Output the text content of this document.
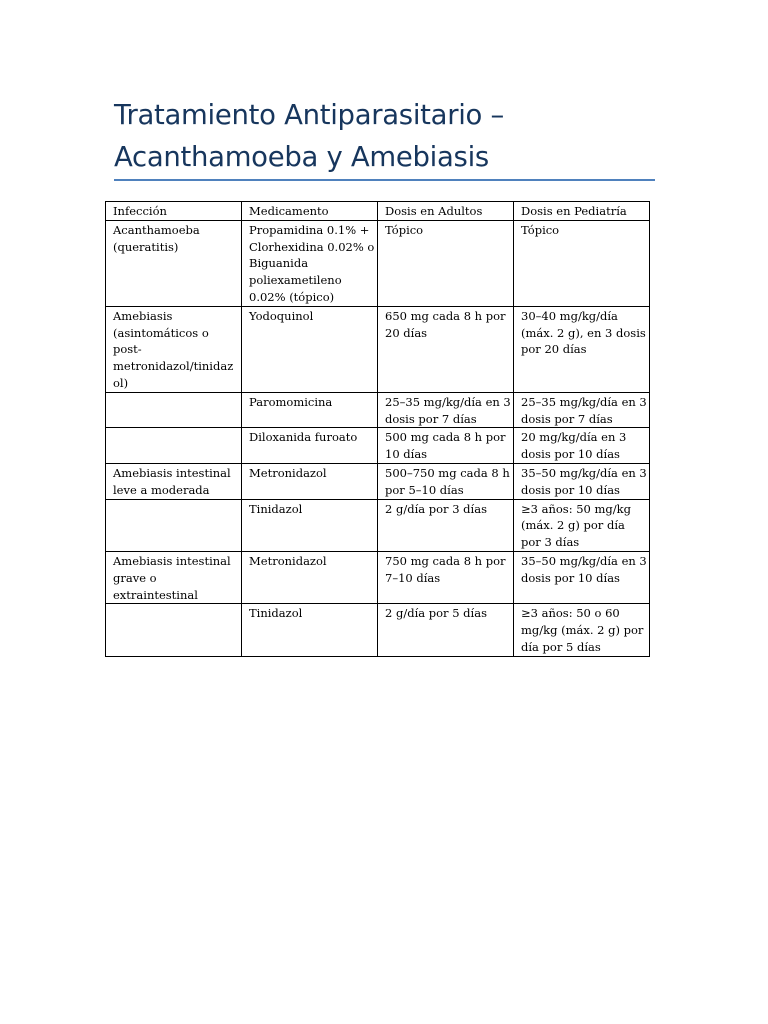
Tratamiento Antiparasitario – Acanthamoeba y Amebiasis
Infección	Medicamento	Dosis en Adultos	Dosis en Pediatría
Acanthamoeba (queratitis)	Propamidina 0.1% + Clorhexidina 0.02% o Biguanida poliexametileno 0.02% (tópico)	Tópico	Tópico
Amebiasis (asintomáticos o post-metronidazol/tinidazol)	Yodoquinol	650 mg cada 8 h por 20 días	30–40 mg/kg/día (máx. 2 g), en 3 dosis por 20 días
	Paromomicina	25–35 mg/kg/día en 3 dosis por 7 días	25–35 mg/kg/día en 3 dosis por 7 días
	Diloxanida furoato	500 mg cada 8 h por 10 días	20 mg/kg/día en 3 dosis por 10 días
Amebiasis intestinal leve a moderada	Metronidazol	500–750 mg cada 8 h por 5–10 días	35–50 mg/kg/día en 3 dosis por 10 días
	Tinidazol	2 g/día por 3 días	≥3 años: 50 mg/kg (máx. 2 g) por día por 3 días
Amebiasis intestinal grave o extraintestinal	Metronidazol	750 mg cada 8 h por 7–10 días	35–50 mg/kg/día en 3 dosis por 10 días
	Tinidazol	2 g/día por 5 días	≥3 años: 50 o 60 mg/kg (máx. 2 g) por día por 5 días
